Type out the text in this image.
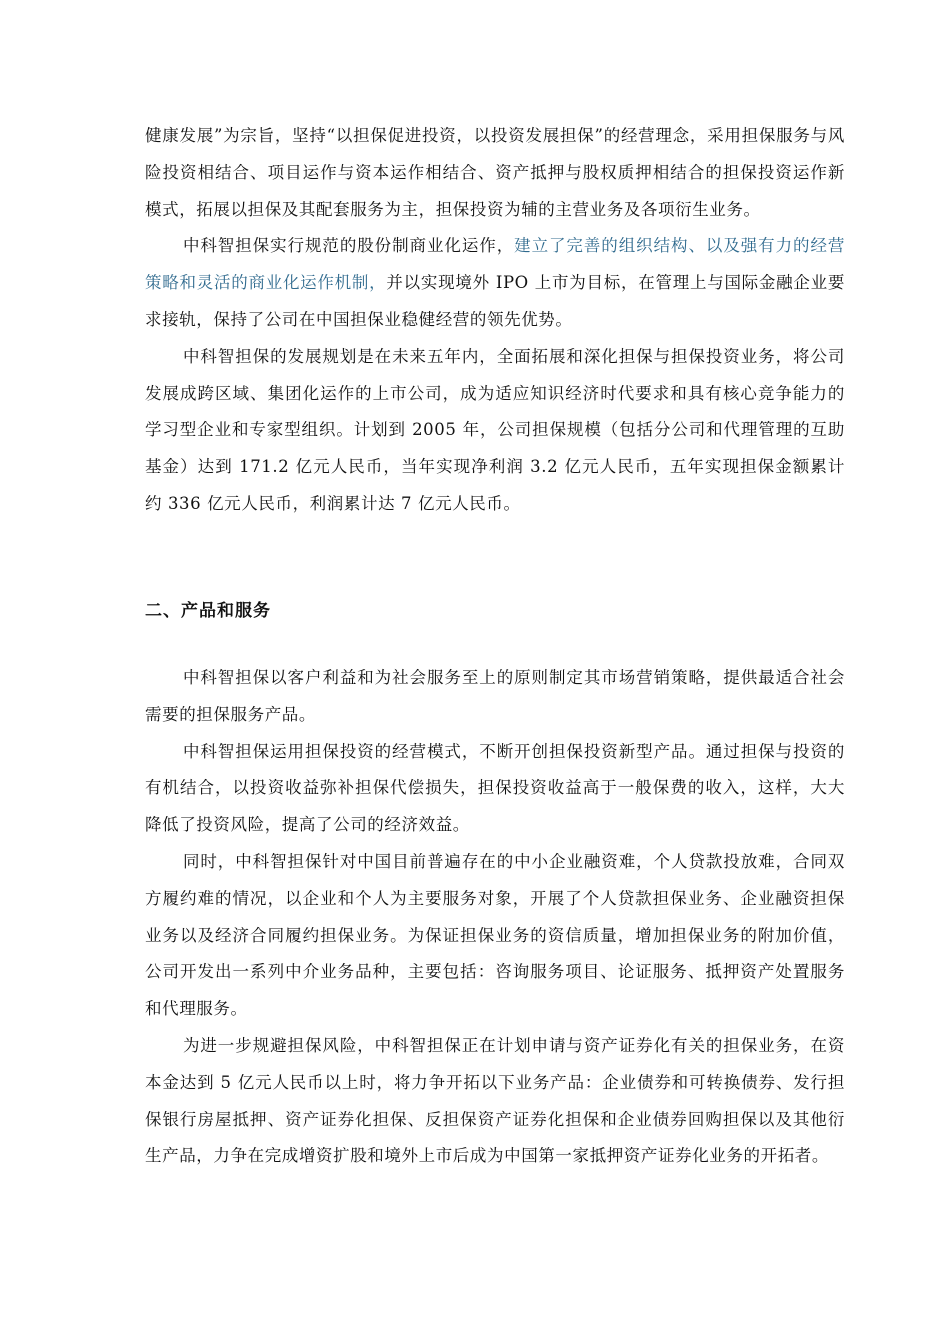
健康发展”为宗旨，坚持“以担保促进投资，以投资发展担保”的经营理念，采用担保服务与风险投资相结合、项目运作与资本运作相结合、资产抵押与股权质押相结合的担保投资运作新模式，拓展以担保及其配套服务为主，担保投资为辅的主营业务及各项衍生业务。

中科智担保实行规范的股份制商业化运作，建立了完善的组织结构、以及强有力的经营策略和灵活的商业化运作机制，并以实现境外 IPO 上市为目标，在管理上与国际金融企业要求接轨，保持了公司在中国担保业稳健经营的领先优势。

中科智担保的发展规划是在未来五年内，全面拓展和深化担保与担保投资业务，将公司发展成跨区域、集团化运作的上市公司，成为适应知识经济时代要求和具有核心竞争能力的学习型企业和专家型组织。计划到 2005 年，公司担保规模（包括分公司和代理管理的互助基金）达到 171.2 亿元人民币，当年实现净利润 3.2 亿元人民币，五年实现担保金额累计约 336 亿元人民币，利润累计达 7 亿元人民币。

二、产品和服务

中科智担保以客户利益和为社会服务至上的原则制定其市场营销策略，提供最适合社会需要的担保服务产品。

中科智担保运用担保投资的经营模式，不断开创担保投资新型产品。通过担保与投资的有机结合，以投资收益弥补担保代偿损失，担保投资收益高于一般保费的收入，这样，大大降低了投资风险，提高了公司的经济效益。

同时，中科智担保针对中国目前普遍存在的中小企业融资难，个人贷款投放难，合同双方履约难的情况，以企业和个人为主要服务对象，开展了个人贷款担保业务、企业融资担保业务以及经济合同履约担保业务。为保证担保业务的资信质量，增加担保业务的附加价值，公司开发出一系列中介业务品种，主要包括：咨询服务项目、论证服务、抵押资产处置服务和代理服务。

为进一步规避担保风险，中科智担保正在计划申请与资产证券化有关的担保业务，在资本金达到 5 亿元人民币以上时，将力争开拓以下业务产品：企业债券和可转换债券、发行担保银行房屋抵押、资产证券化担保、反担保资产证券化担保和企业债券回购担保以及其他衍生产品，力争在完成增资扩股和境外上市后成为中国第一家抵押资产证券化业务的开拓者。
